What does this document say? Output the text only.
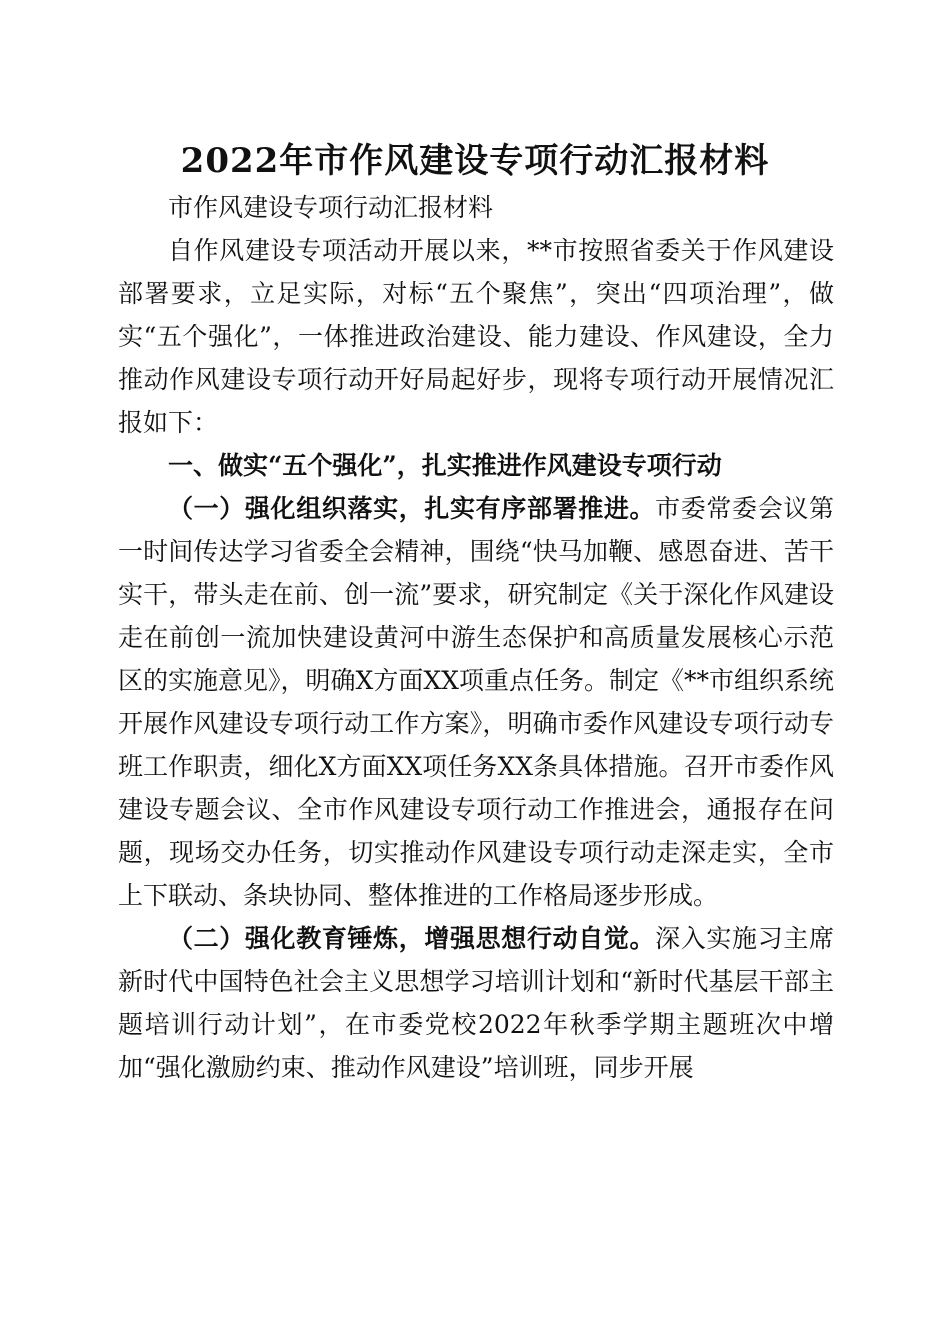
2022年市作风建设专项行动汇报材料

市作风建设专项行动汇报材料

自作风建设专项活动开展以来，**市按照省委关于作风建设部署要求，立足实际，对标“五个聚焦”，突出“四项治理”，做实“五个强化”，一体推进政治建设、能力建设、作风建设，全力推动作风建设专项行动开好局起好步，现将专项行动开展情况汇报如下：

一、做实“五个强化”，扎实推进作风建设专项行动

（一）强化组织落实，扎实有序部署推进。市委常委会议第一时间传达学习省委全会精神，围绕“快马加鞭、感恩奋进、苦干实干，带头走在前、创一流”要求，研究制定《关于深化作风建设走在前创一流加快建设黄河中游生态保护和高质量发展核心示范区的实施意见》，明确X方面XX项重点任务。制定《**市组织系统开展作风建设专项行动工作方案》，明确市委作风建设专项行动专班工作职责，细化X方面XX项任务XX条具体措施。召开市委作风建设专题会议、全市作风建设专项行动工作推进会，通报存在问题，现场交办任务，切实推动作风建设专项行动走深走实，全市上下联动、条块协同、整体推进的工作格局逐步形成。

（二）强化教育锤炼，增强思想行动自觉。深入实施习主席新时代中国特色社会主义思想学习培训计划和“新时代基层干部主题培训行动计划”，在市委党校2022年秋季学期主题班次中增加“强化激励约束、推动作风建设”培训班，同步开展
